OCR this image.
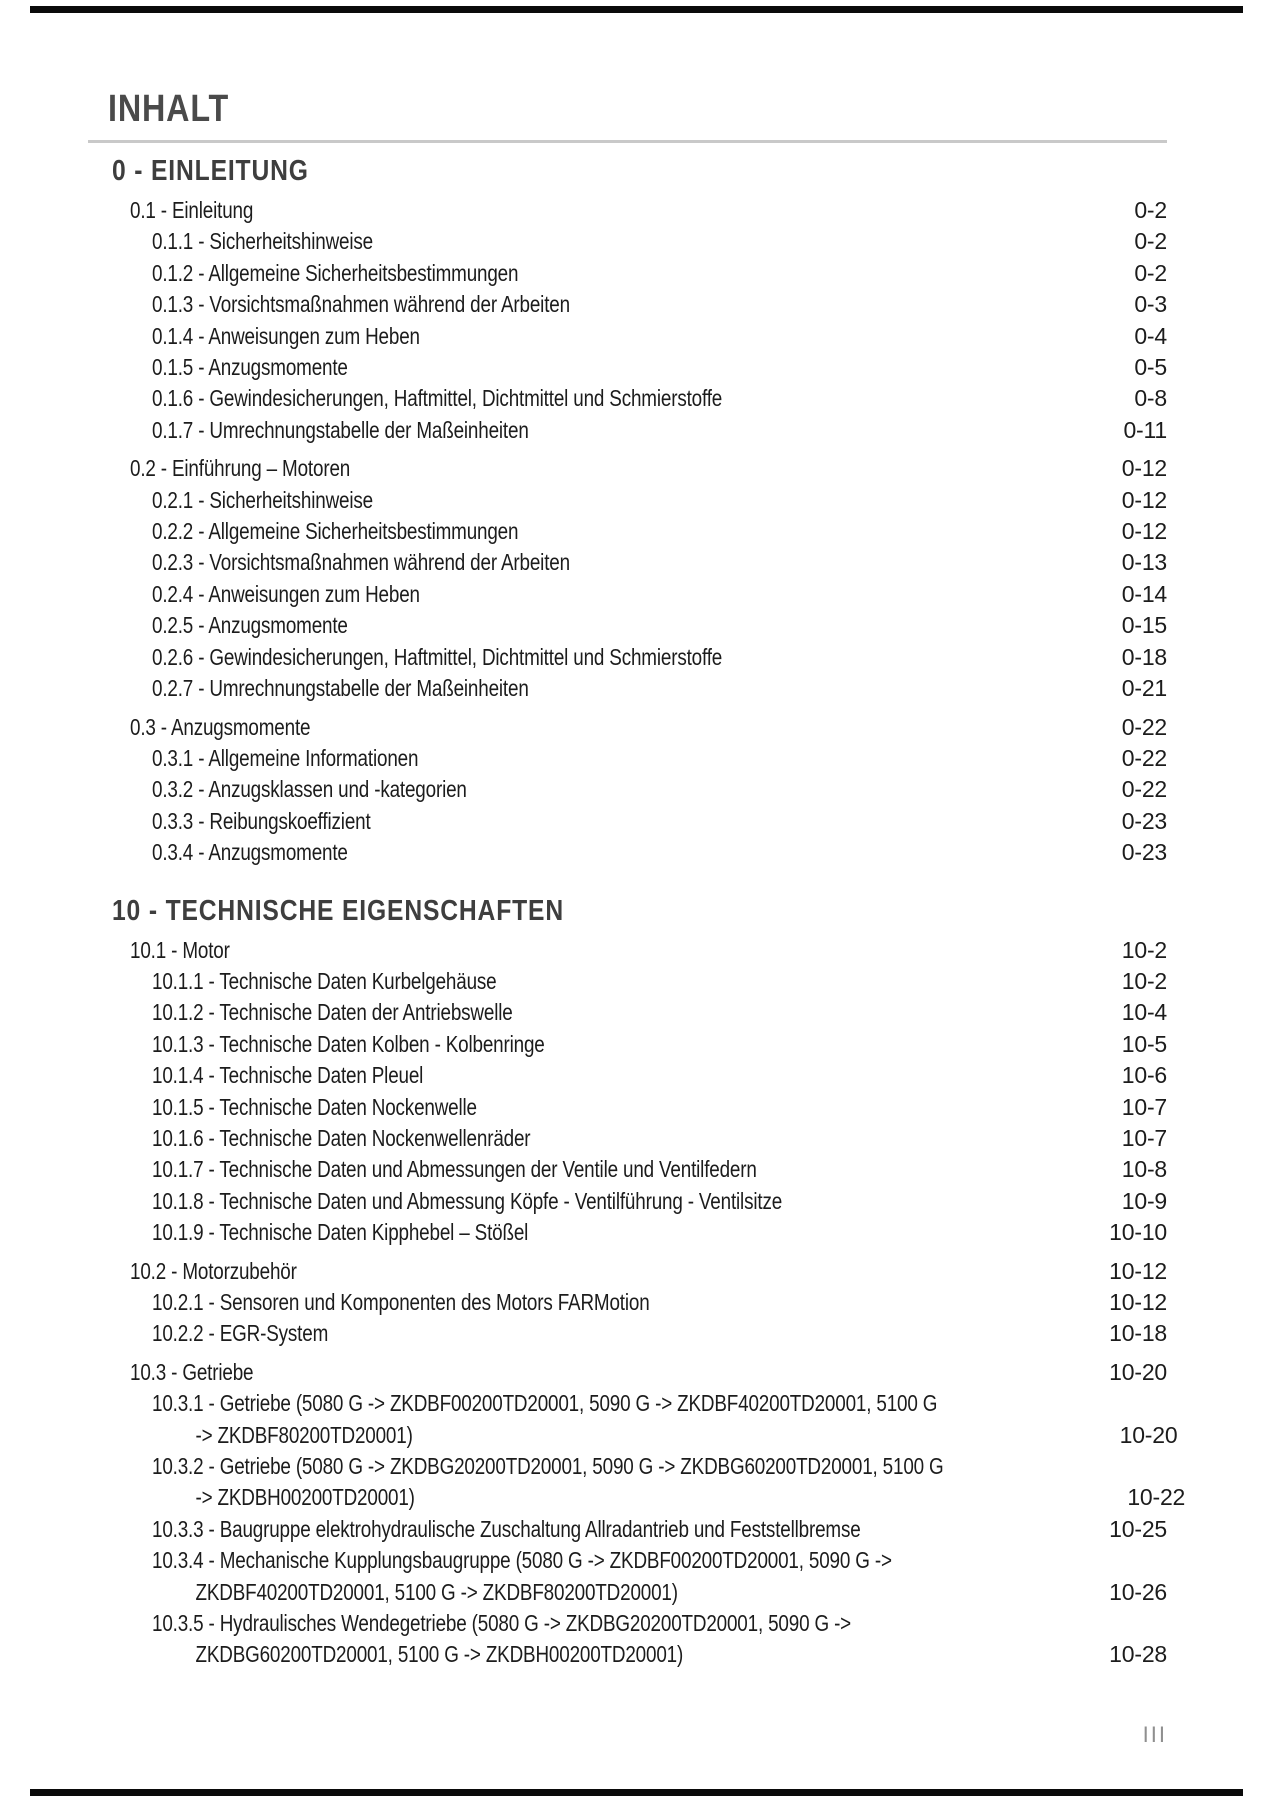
INHALT
0 - EINLEITUNG
0.1 - Einleitung	0-2
0.1.1 - Sicherheitshinweise	0-2
0.1.2 - Allgemeine Sicherheitsbestimmungen	0-2
0.1.3 - Vorsichtsmaßnahmen während der Arbeiten	0-3
0.1.4 - Anweisungen zum Heben	0-4
0.1.5 - Anzugsmomente	0-5
0.1.6 - Gewindesicherungen, Haftmittel, Dichtmittel und Schmierstoffe	0-8
0.1.7 - Umrechnungstabelle der Maßeinheiten	0-11
0.2 - Einführung – Motoren	0-12
0.2.1 - Sicherheitshinweise	0-12
0.2.2 - Allgemeine Sicherheitsbestimmungen	0-12
0.2.3 - Vorsichtsmaßnahmen während der Arbeiten	0-13
0.2.4 - Anweisungen zum Heben	0-14
0.2.5 - Anzugsmomente	0-15
0.2.6 - Gewindesicherungen, Haftmittel, Dichtmittel und Schmierstoffe	0-18
0.2.7 - Umrechnungstabelle der Maßeinheiten	0-21
0.3 - Anzugsmomente	0-22
0.3.1 - Allgemeine Informationen	0-22
0.3.2 - Anzugsklassen und -kategorien	0-22
0.3.3 - Reibungskoeffizient	0-23
0.3.4 - Anzugsmomente	0-23
10 - TECHNISCHE EIGENSCHAFTEN
10.1 - Motor	10-2
10.1.1 - Technische Daten Kurbelgehäuse	10-2
10.1.2 - Technische Daten der Antriebswelle	10-4
10.1.3 - Technische Daten Kolben - Kolbenringe	10-5
10.1.4 - Technische Daten Pleuel	10-6
10.1.5 - Technische Daten Nockenwelle	10-7
10.1.6 - Technische Daten Nockenwellenräder	10-7
10.1.7 - Technische Daten und Abmessungen der Ventile und Ventilfedern	10-8
10.1.8 - Technische Daten und Abmessung Köpfe - Ventilführung - Ventilsitze	10-9
10.1.9 - Technische Daten Kipphebel – Stößel	10-10
10.2 - Motorzubehör	10-12
10.2.1 - Sensoren und Komponenten des Motors FARMotion	10-12
10.2.2 - EGR-System	10-18
10.3 - Getriebe	10-20
10.3.1 - Getriebe (5080 G -> ZKDBF00200TD20001, 5090 G -> ZKDBF40200TD20001, 5100 G
-> ZKDBF80200TD20001)	10-20
10.3.2 - Getriebe (5080 G -> ZKDBG20200TD20001, 5090 G -> ZKDBG60200TD20001, 5100 G
-> ZKDBH00200TD20001)	10-22
10.3.3 - Baugruppe elektrohydraulische Zuschaltung Allradantrieb und Feststellbremse	10-25
10.3.4 - Mechanische Kupplungsbaugruppe (5080 G -> ZKDBF00200TD20001, 5090 G ->
ZKDBF40200TD20001, 5100 G -> ZKDBF80200TD20001)	10-26
10.3.5 - Hydraulisches Wendegetriebe (5080 G -> ZKDBG20200TD20001, 5090 G ->
ZKDBG60200TD20001, 5100 G -> ZKDBH00200TD20001)	10-28
III
